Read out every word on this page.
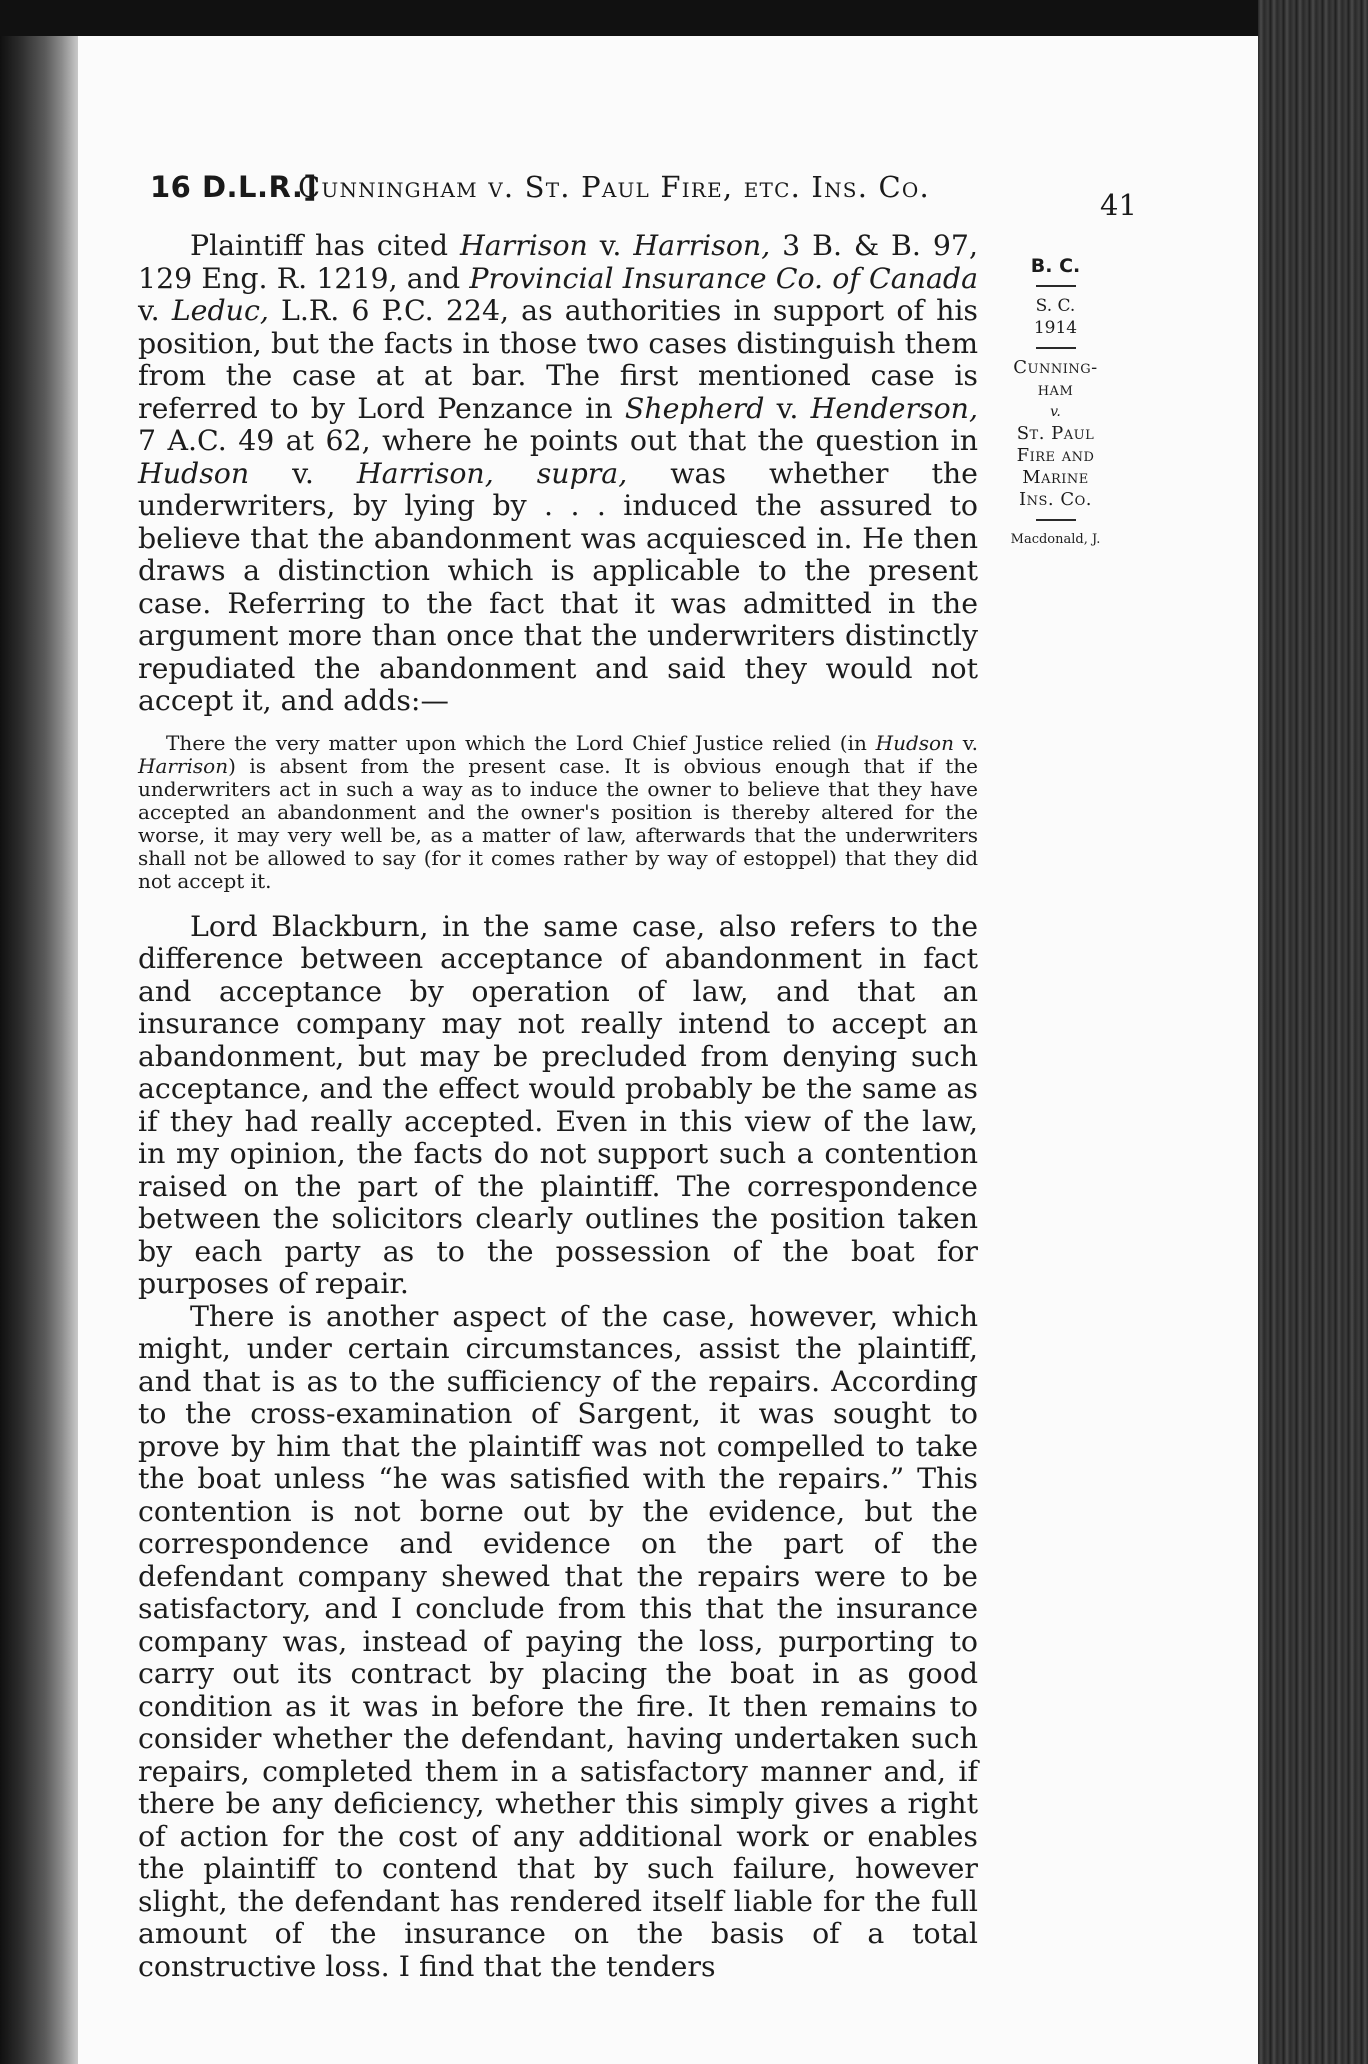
16 D.L.R.]
Cunningham v. St. Paul Fire, etc. Ins. Co.
41

Plaintiff has cited Harrison v. Harrison, 3 B. & B. 97, 129 Eng. R. 1219, and Provincial Insurance Co. of Canada v. Leduc, L.R. 6 P.C. 224, as authorities in support of his position, but the facts in those two cases distinguish them from the case at at bar. The first mentioned case is referred to by Lord Penzance in Shepherd v. Henderson, 7 A.C. 49 at 62, where he points out that the question in Hudson v. Harrison, supra, was whether the underwriters, by lying by . . . induced the assured to believe that the abandonment was acquiesced in. He then draws a distinction which is applicable to the present case. Referring to the fact that it was admitted in the argument more than once that the underwriters distinctly repudiated the abandonment and said they would not accept it, and adds:—

There the very matter upon which the Lord Chief Justice relied (in Hudson v. Harrison) is absent from the present case. It is obvious enough that if the underwriters act in such a way as to induce the owner to believe that they have accepted an abandonment and the owner's position is thereby altered for the worse, it may very well be, as a matter of law, afterwards that the underwriters shall not be allowed to say (for it comes rather by way of estoppel) that they did not accept it.

Lord Blackburn, in the same case, also refers to the difference between acceptance of abandonment in fact and acceptance by operation of law, and that an insurance company may not really intend to accept an abandonment, but may be precluded from denying such acceptance, and the effect would probably be the same as if they had really accepted. Even in this view of the law, in my opinion, the facts do not support such a contention raised on the part of the plaintiff. The correspondence between the solicitors clearly outlines the position taken by each party as to the possession of the boat for purposes of repair.

There is another aspect of the case, however, which might, under certain circumstances, assist the plaintiff, and that is as to the sufficiency of the repairs. According to the cross-examination of Sargent, it was sought to prove by him that the plaintiff was not compelled to take the boat unless “he was satisfied with the repairs.” This contention is not borne out by the evidence, but the correspondence and evidence on the part of the defendant company shewed that the repairs were to be satisfactory, and I conclude from this that the insurance company was, instead of paying the loss, purporting to carry out its contract by placing the boat in as good condition as it was in before the fire. It then remains to consider whether the defendant, having undertaken such repairs, completed them in a satisfactory manner and, if there be any deficiency, whether this simply gives a right of action for the cost of any additional work or enables the plaintiff to contend that by such failure, however slight, the defendant has rendered itself liable for the full amount of the insurance on the basis of a total constructive loss. I find that the tenders

B. C.
S. C.
1914
Cunning-
ham
v.
St. Paul
Fire and
Marine
Ins. Co.
Macdonald, J.
